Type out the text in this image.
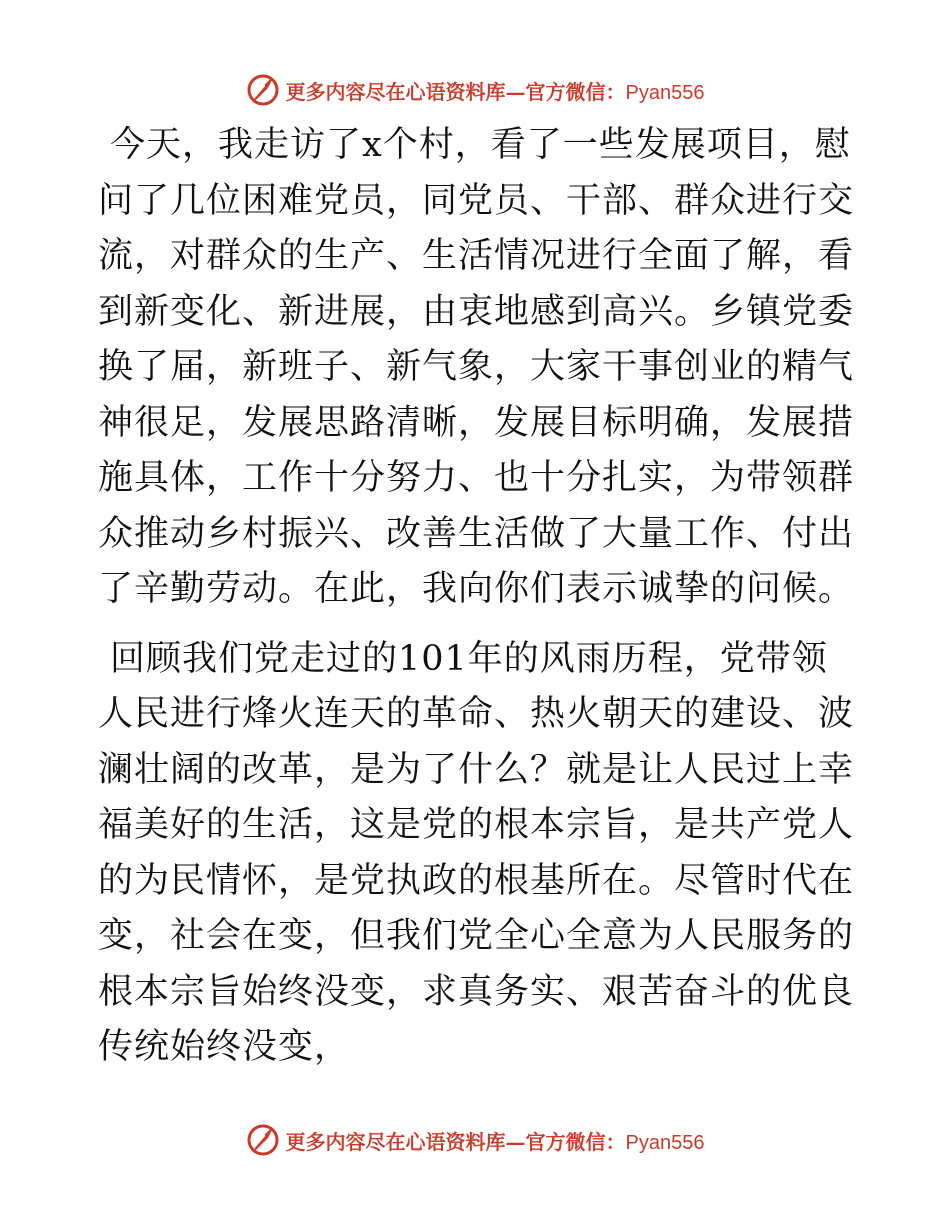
更多内容尽在心语资料库—官方微信：Pyan556

今天，我走访了x个村，看了一些发展项目，慰问了几位困难党员，同党员、干部、群众进行交流，对群众的生产、生活情况进行全面了解，看到新变化、新进展，由衷地感到高兴。乡镇党委换了届，新班子、新气象，大家干事创业的精气神很足，发展思路清晰，发展目标明确，发展措施具体，工作十分努力、也十分扎实，为带领群众推动乡村振兴、改善生活做了大量工作、付出了辛勤劳动。在此，我向你们表示诚挚的问候。

回顾我们党走过的101年的风雨历程，党带领人民进行烽火连天的革命、热火朝天的建设、波澜壮阔的改革，是为了什么？就是让人民过上幸福美好的生活，这是党的根本宗旨，是共产党人的为民情怀，是党执政的根基所在。尽管时代在变，社会在变，但我们党全心全意为人民服务的根本宗旨始终没变，求真务实、艰苦奋斗的优良传统始终没变，

更多内容尽在心语资料库—官方微信：Pyan556
